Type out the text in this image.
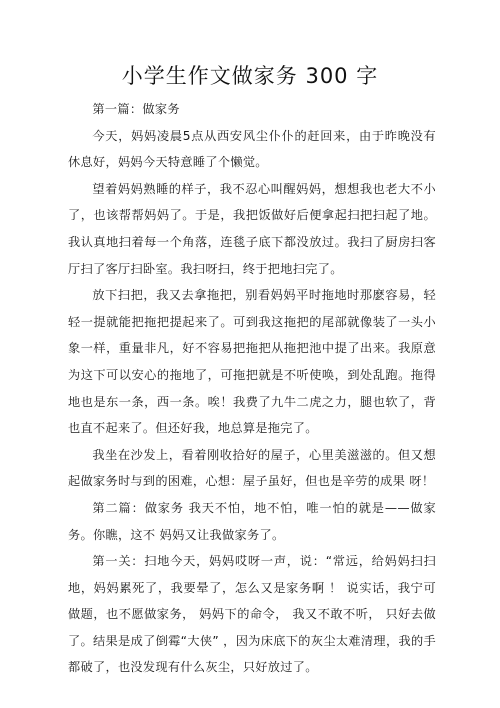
小学生作文做家务 300 字

第一篇：做家务

今天，妈妈凌晨5点从西安风尘仆仆的赶回来，由于昨晚没有休息好，妈妈今天特意睡了个懒觉。

望着妈妈熟睡的样子，我不忍心叫醒妈妈，想想我也老大不小了，也该帮帮妈妈了。于是，我把饭做好后便拿起扫把扫起了地。我认真地扫着每一个角落，连毯子底下都没放过。我扫了厨房扫客厅扫了客厅扫卧室。我扫呀扫，终于把地扫完了。

放下扫把，我又去拿拖把，别看妈妈平时拖地时那麽容易，轻轻一提就能把拖把提起来了。可到我这拖把的尾部就像装了一头小象一样，重量非凡，好不容易把拖把从拖把池中提了出来。我原意为这下可以安心的拖地了，可拖把就是不听使唤，到处乱跑。拖得地也是东一条，西一条。唉！我费了九牛二虎之力，腿也软了，背也直不起来了。但还好我，地总算是拖完了。

我坐在沙发上，看着刚收拾好的屋子，心里美滋滋的。但又想起做家务时与到的困难，心想：屋子虽好，但也是辛劳的成果 呀！

第二篇：做家务 我天不怕，地不怕，唯一怕的就是——做家务。你瞧，这不 妈妈又让我做家务了。

第一关：扫地今天，妈妈哎呀一声，说：“常远，给妈妈扫扫地，妈妈累死了，我要晕了，怎么又是家务啊 ！ 说实话，我宁可做题，也不愿做家务， 妈妈下的命令， 我又不敢不听， 只好去做了。结果是成了倒霉“大侠” ，因为床底下的灰尘太难清理，我的手都破了，也没发现有什么灰尘，只好放过了。
